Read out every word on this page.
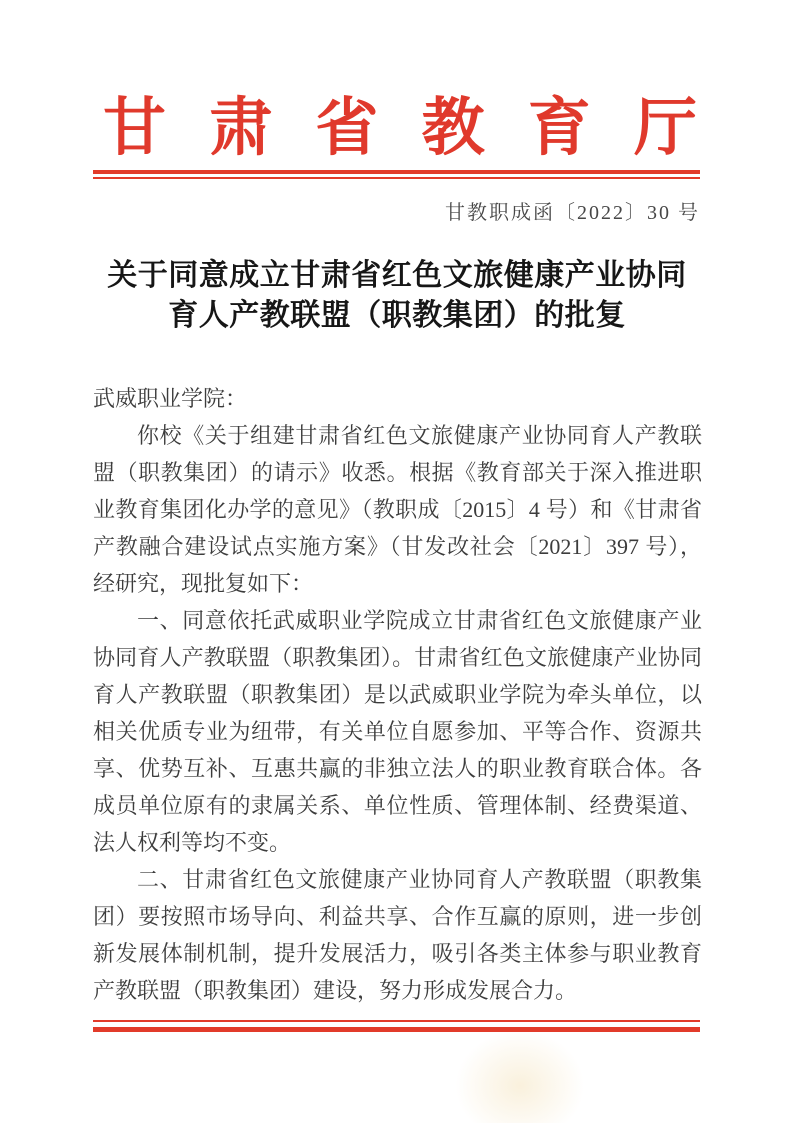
甘 肃 省 教 育 厅
甘教职成函〔2022〕30 号
关于同意成立甘肃省红色文旅健康产业协同
育人产教联盟（职教集团）的批复

武威职业学院：

你校《关于组建甘肃省红色文旅健康产业协同育人产教联盟（职教集团）的请示》收悉。根据《教育部关于深入推进职业教育集团化办学的意见》（教职成〔2015〕4 号）和《甘肃省产教融合建设试点实施方案》（甘发改社会〔2021〕397 号），经研究，现批复如下：

一、同意依托武威职业学院成立甘肃省红色文旅健康产业协同育人产教联盟（职教集团）。甘肃省红色文旅健康产业协同育人产教联盟（职教集团）是以武威职业学院为牵头单位，以相关优质专业为纽带，有关单位自愿参加、平等合作、资源共享、优势互补、互惠共赢的非独立法人的职业教育联合体。各成员单位原有的隶属关系、单位性质、管理体制、经费渠道、法人权利等均不变。

二、甘肃省红色文旅健康产业协同育人产教联盟（职教集团）要按照市场导向、利益共享、合作互赢的原则，进一步创新发展体制机制，提升发展活力，吸引各类主体参与职业教育产教联盟（职教集团）建设，努力形成发展合力。
